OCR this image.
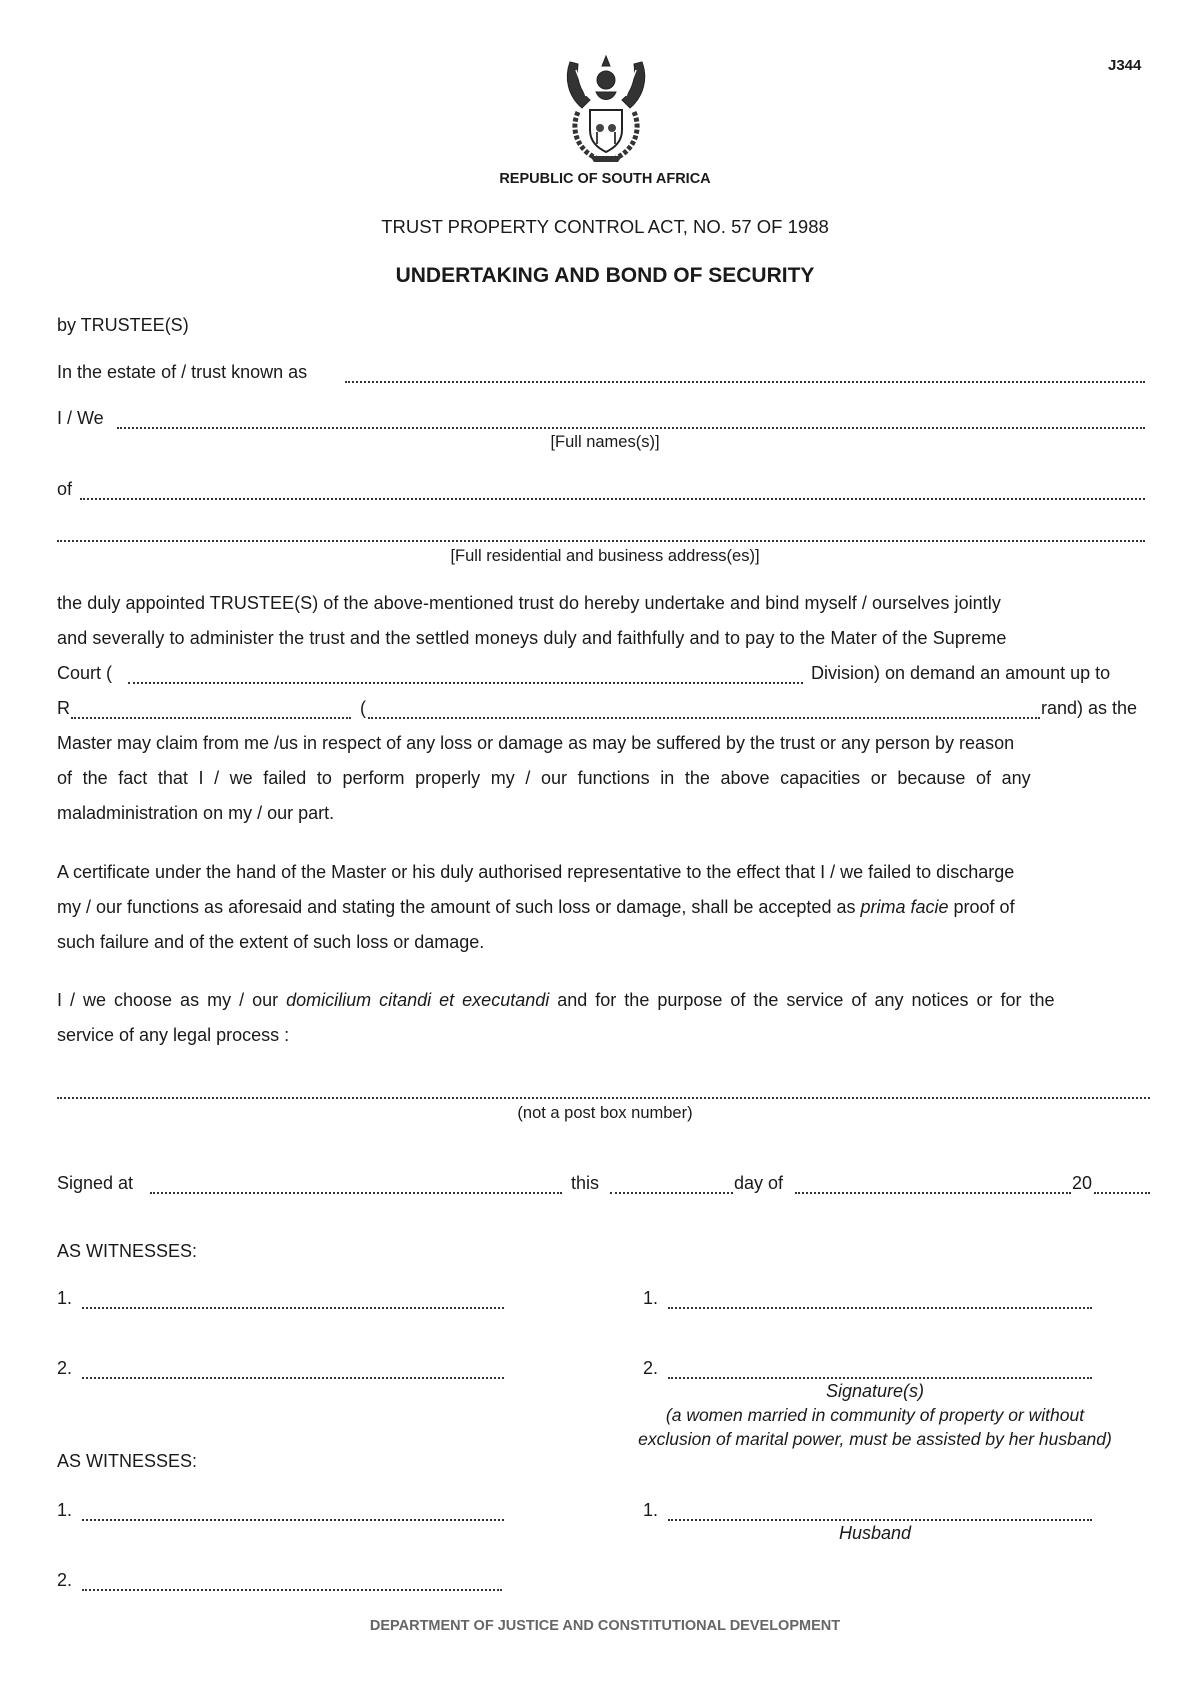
J344
REPUBLIC OF SOUTH AFRICA
TRUST PROPERTY CONTROL ACT, NO. 57 OF 1988
UNDERTAKING AND BOND OF SECURITY
by TRUSTEE(S)
In the estate of / trust known as
I / We
[Full names(s)]
of
[Full residential and business address(es)]
the duly appointed TRUSTEE(S) of the above-mentioned trust do hereby undertake and bind myself / ourselves jointly
and severally to administer the trust and the settled moneys duly and faithfully and to pay to the Mater of the Supreme
Court (	Division) on demand an amount up to
R	(	rand) as the
Master may claim from me /us in respect of any loss or damage as may be suffered by the trust or any person by reason
of the fact that I / we failed to perform properly my / our functions in the above capacities or because of any
maladministration on my / our part.
A certificate under the hand of the Master or his duly authorised representative to the effect that I / we failed to discharge
my / our functions as aforesaid and stating the amount of such loss or damage, shall be accepted as prima facie proof of
such failure and of the extent of such loss or damage.
I / we choose as my / our domicilium citandi et executandi and for the purpose of the service of any notices or for the
service of any legal process :
(not a post box number)
Signed at	this	day of	20
AS WITNESSES:
1.	1.
2.	2.
Signature(s)
(a women married in community of property or without
exclusion of marital power, must be assisted by her husband)
AS WITNESSES:
1.	1.
Husband
2.
DEPARTMENT OF JUSTICE AND CONSTITUTIONAL DEVELOPMENT
